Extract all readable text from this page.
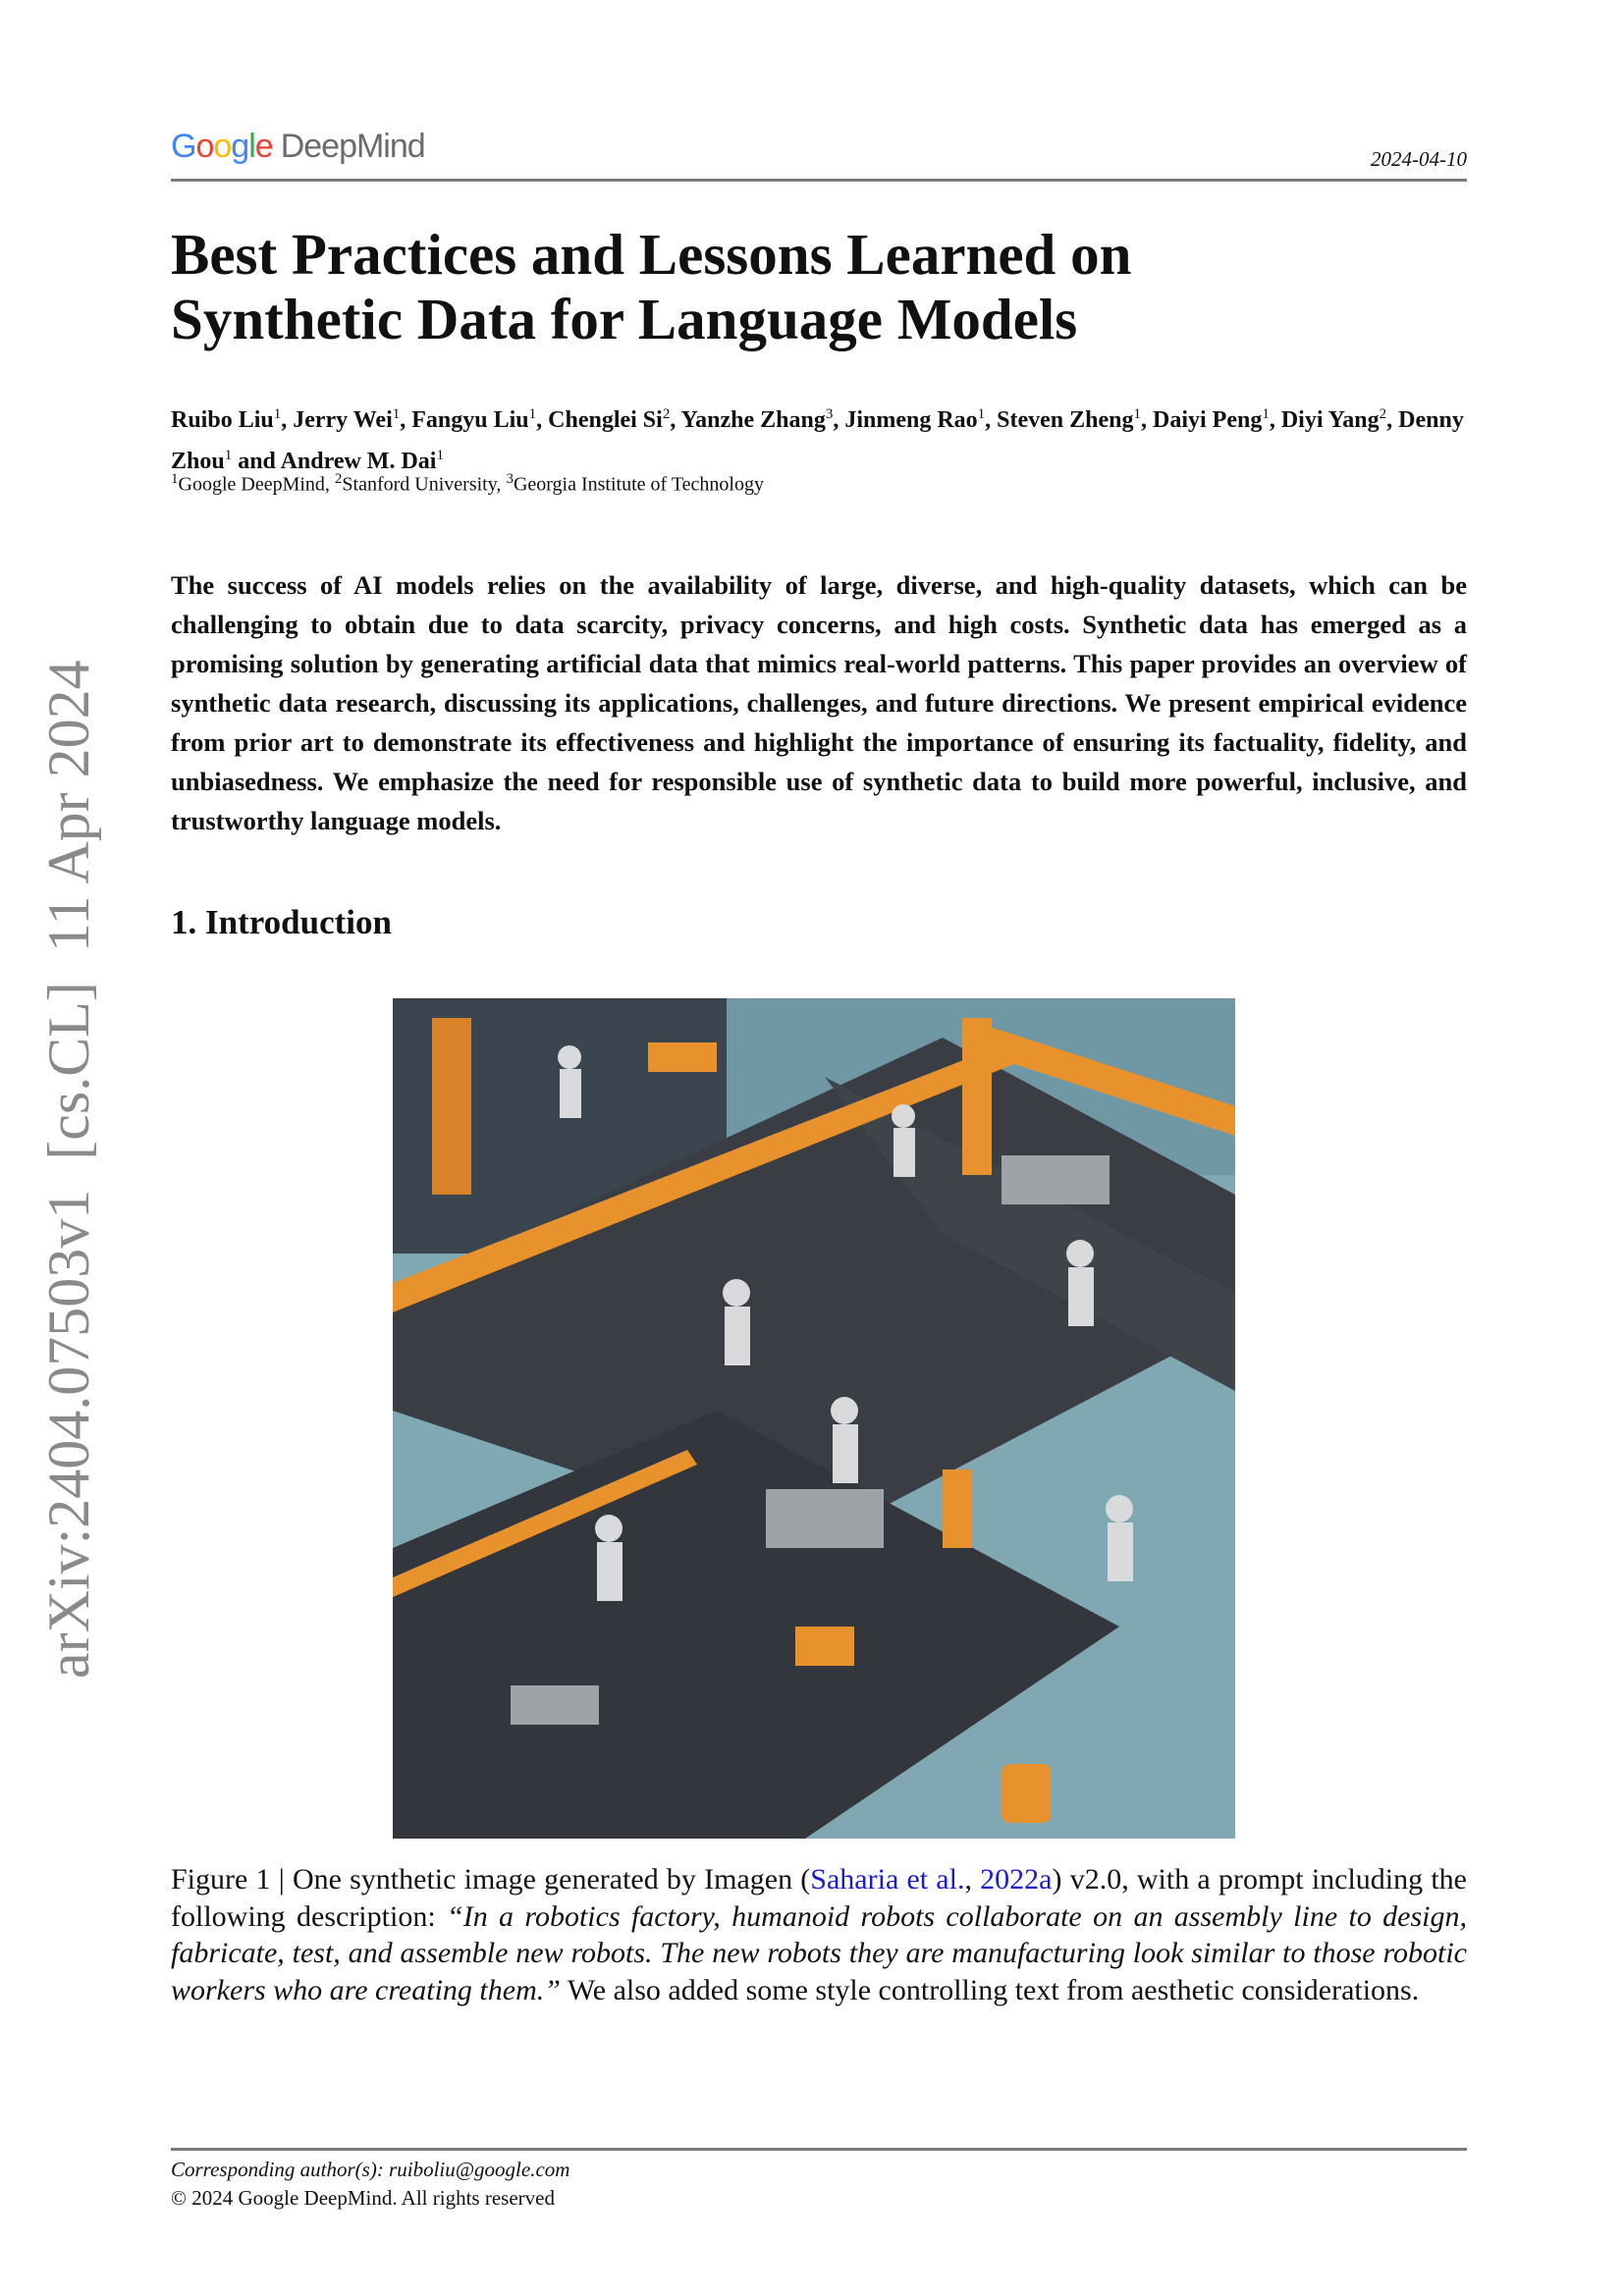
Google DeepMind	2024-04-10
arXiv:2404.07503v1  [cs.CL]  11 Apr 2024
Best Practices and Lessons Learned on
Synthetic Data for Language Models
Ruibo Liu$^1$, Jerry Wei$^1$, Fangyu Liu$^1$, Chenglei Si$^2$, Yanzhe Zhang$^3$, Jinmeng Rao$^1$, Steven Zheng$^1$, Daiyi Peng$^1$, Diyi Yang$^2$, Denny Zhou$^1$ and Andrew M. Dai$^1$
$^1$Google DeepMind, $^2$Stanford University, $^3$Georgia Institute of Technology

The success of AI models relies on the availability of large, diverse, and high-quality datasets, which can be challenging to obtain due to data scarcity, privacy concerns, and high costs. Synthetic data has emerged as a promising solution by generating artificial data that mimics real-world patterns. This paper provides an overview of synthetic data research, discussing its applications, challenges, and future directions. We present empirical evidence from prior art to demonstrate its effectiveness and highlight the importance of ensuring its factuality, fidelity, and unbiasedness. We emphasize the need for responsible use of synthetic data to build more powerful, inclusive, and trustworthy language models.

1. Introduction

Figure 1 | One synthetic image generated by Imagen (Saharia et al., 2022a) v2.0, with a prompt including the following description: “In a robotics factory, humanoid robots collaborate on an assembly line to design, fabricate, test, and assemble new robots. The new robots they are manufacturing look similar to those robotic workers who are creating them.” We also added some style controlling text from aesthetic considerations.

Corresponding author(s): ruiboliu@google.com
© 2024 Google DeepMind. All rights reserved
